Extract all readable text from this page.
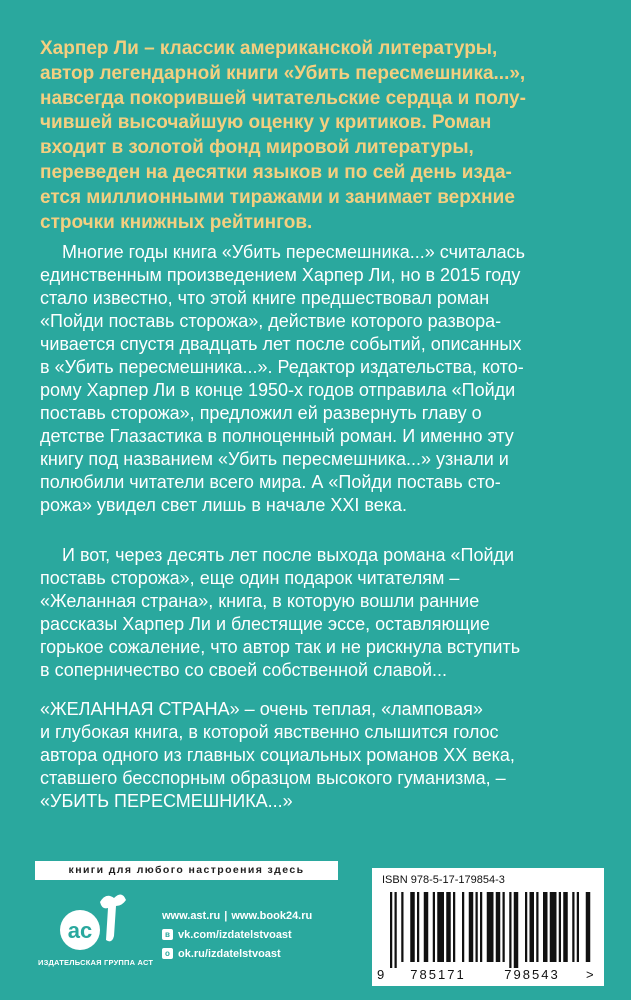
Харпер Ли – классик американской литературы,
автор легендарной книги «Убить пересмешника...»,
навсегда покорившей читательские сердца и полу-
чившей высочайшую оценку у критиков. Роман
входит в золотой фонд мировой литературы,
переведен на десятки языков и по сей день изда-
ется миллионными тиражами и занимает верхние
строчки книжных рейтингов.
Многие годы книга «Убить пересмешника...» считалась
единственным произведением Харпер Ли, но в 2015 году
стало известно, что этой книге предшествовал роман
«Пойди поставь сторожа», действие которого развора-
чивается спустя двадцать лет после событий, описанных
в «Убить пересмешника...». Редактор издательства, кото-
рому Харпер Ли в конце 1950-х годов отправила «Пойди
поставь сторожа», предложил ей развернуть главу о
детстве Глазастика в полноценный роман. И именно эту
книгу под названием «Убить пересмешника...» узнали и
полюбили читатели всего мира. А «Пойди поставь сто-
рожа» увидел свет лишь в начале XXI века.
И вот, через десять лет после выхода романа «Пойди
поставь сторожа», еще один подарок читателям –
«Желанная страна», книга, в которую вошли ранние
рассказы Харпер Ли и блестящие эссе, оставляющие
горькое сожаление, что автор так и не рискнула вступить
в соперничество со своей собственной славой...
«ЖЕЛАННАЯ СТРАНА» – очень теплая, «ламповая»
и глубокая книга, в которой явственно слышится голос
автора одного из главных социальных романов XX века,
ставшего бесспорным образцом высокого гуманизма, –
«УБИТЬ ПЕРЕСМЕШНИКА...»
книги для любого настроения здесь
ac
ИЗДАТЕЛЬСКАЯ ГРУППА АСТ
www.ast.ru | www.book24.ru
в vk.com/izdatelstvoast
о ok.ru/izdatelstvoast
ISBN 978-5-17-179854-3
9 785171	798543 >
